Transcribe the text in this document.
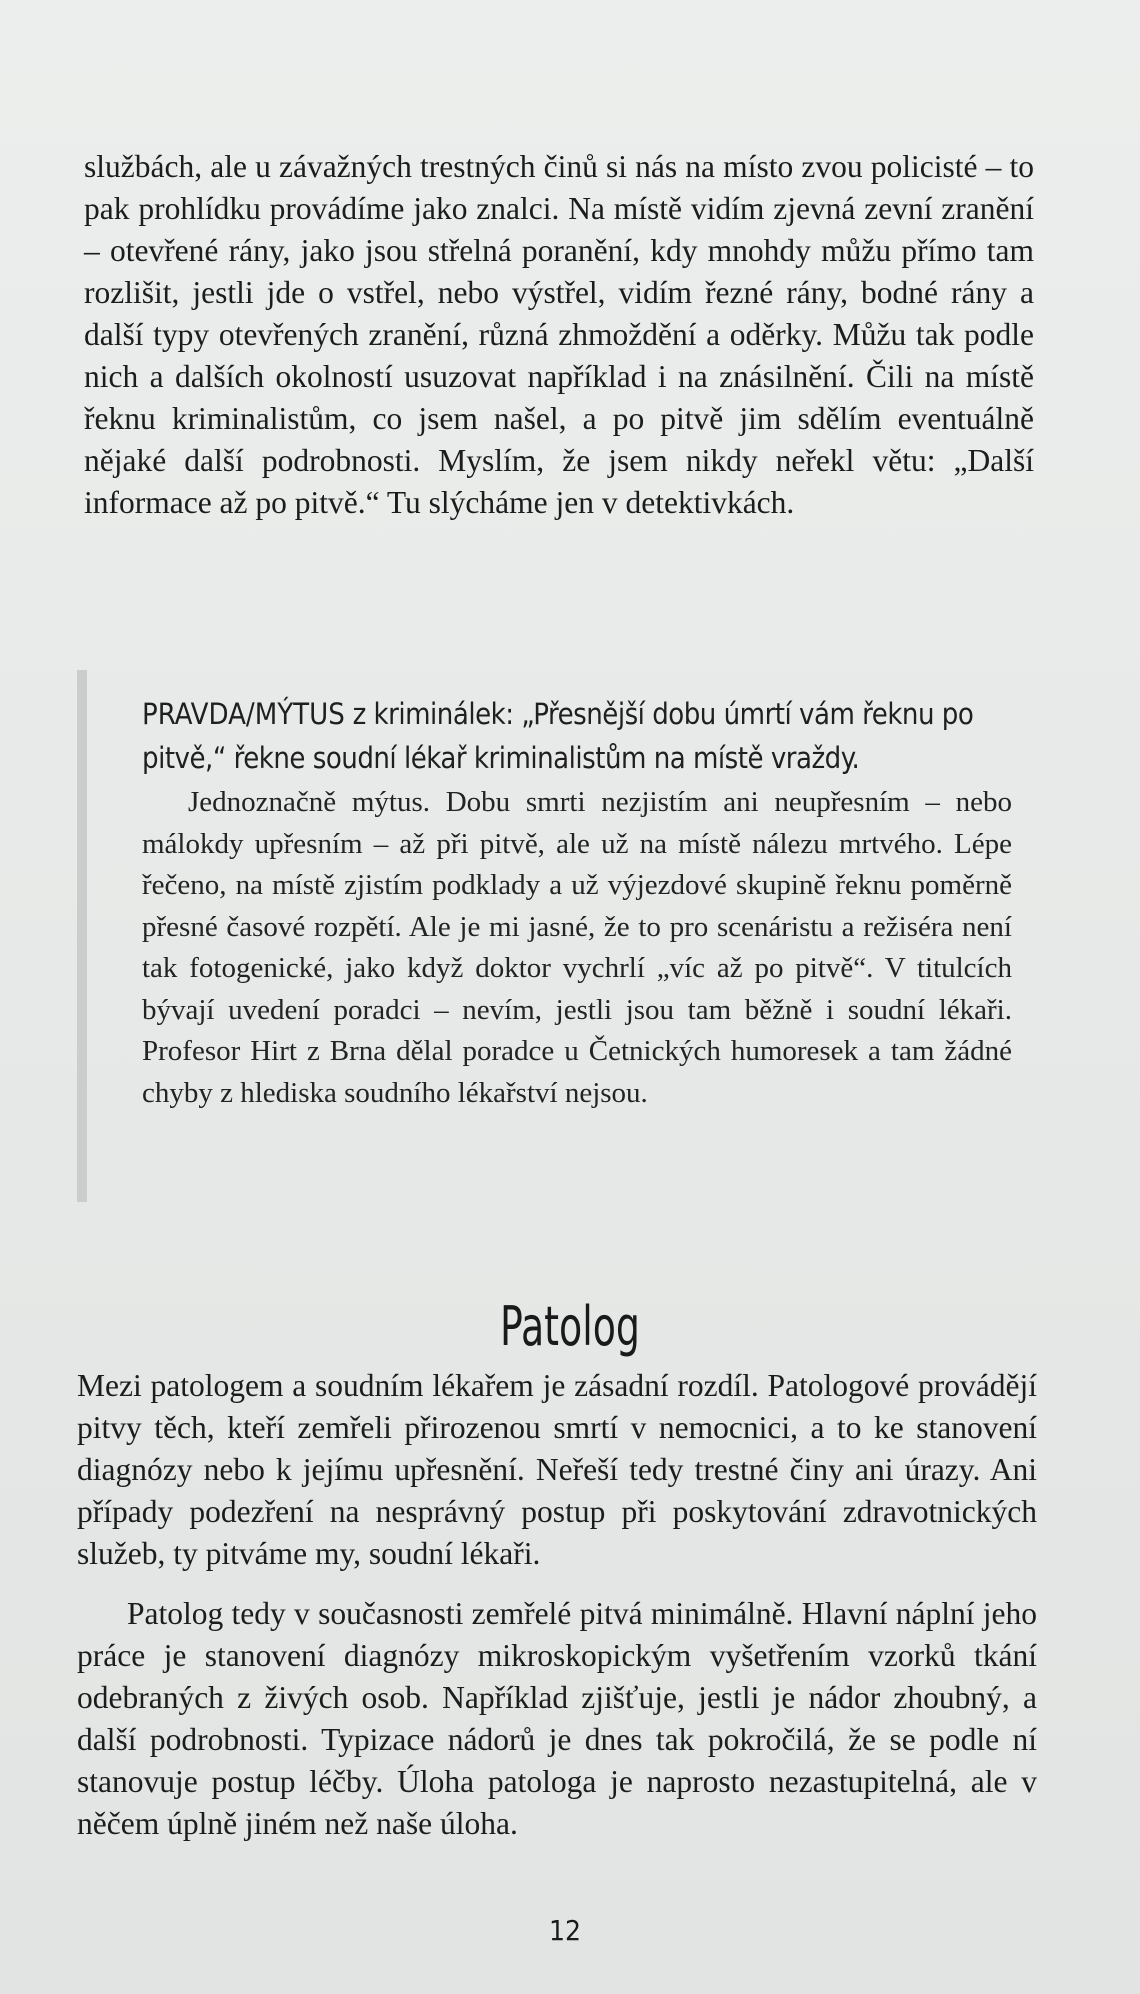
službách, ale u závažných trestných činů si nás na místo zvou policisté – to pak prohlídku provádíme jako znalci. Na místě vidím zjevná zevní zranění – otevřené rány, jako jsou střelná poranění, kdy mnohdy můžu přímo tam rozlišit, jestli jde o vstřel, nebo výstřel, vidím řezné rány, bodné rány a další typy otevřených zranění, různá zhmoždění a oděrky. Můžu tak podle nich a dalších okolností usuzovat například i na znásilnění. Čili na místě řeknu kriminalistům, co jsem našel, a po pitvě jim sdělím eventuálně nějaké další podrobnosti. Myslím, že jsem nikdy neřekl větu: „Další informace až po pitvě.“ Tu slýcháme jen v detektivkách.

PRAVDA/MÝTUS z kriminálek: „Přesnější dobu úmrtí vám řeknu po pitvě,“ řekne soudní lékař kriminalistům na místě vraždy.

Jednoznačně mýtus. Dobu smrti nezjistím ani neupřesním – nebo málokdy upřesním – až při pitvě, ale už na místě nálezu mrtvého. Lépe řečeno, na místě zjistím podklady a už výjezdové skupině řeknu poměrně přesné časové rozpětí. Ale je mi jasné, že to pro scenáristu a režiséra není tak fotogenické, jako když doktor vychrlí „víc až po pitvě“. V titulcích bývají uvedení poradci – nevím, jestli jsou tam běžně i soudní lékaři. Profesor Hirt z Brna dělal poradce u Četnických humoresek a tam žádné chyby z hlediska soudního lékařství nejsou.

Patolog

Mezi patologem a soudním lékařem je zásadní rozdíl. Patologové provádějí pitvy těch, kteří zemřeli přirozenou smrtí v nemocnici, a to ke stanovení diagnózy nebo k jejímu upřesnění. Neřeší tedy trestné činy ani úrazy. Ani případy podezření na nesprávný postup při poskytování zdravotnických služeb, ty pitváme my, soudní lékaři.

Patolog tedy v současnosti zemřelé pitvá minimálně. Hlavní náplní jeho práce je stanovení diagnózy mikroskopickým vyšetřením vzorků tkání odebraných z živých osob. Například zjišťuje, jestli je nádor zhoubný, a další podrobnosti. Typizace nádorů je dnes tak pokročilá, že se podle ní stanovuje postup léčby. Úloha patologa je naprosto nezastupitelná, ale v něčem úplně jiném než naše úloha.

12
